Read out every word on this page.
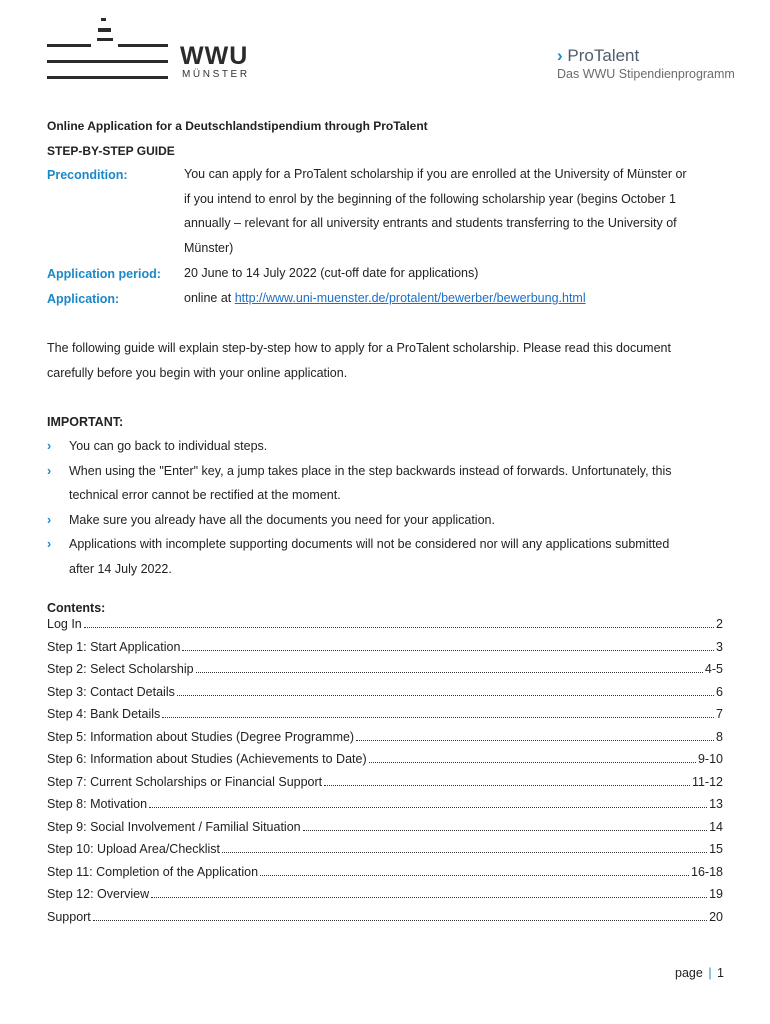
WWU
MÜNSTER
› ProTalent
Das WWU Stipendienprogramm
Online Application for a Deutschlandstipendium through ProTalent
STEP-BY-STEP GUIDE
Precondition:	You can apply for a ProTalent scholarship if you are enrolled at the University of Münster or
if you intend to enrol by the beginning of the following scholarship year (begins October 1
annually – relevant for all university entrants and students transferring to the University of
Münster)
Application period: 20 June to 14 July 2022 (cut-off date for applications)
Application:	online at http://www.uni-muenster.de/protalent/bewerber/bewerbung.html
The following guide will explain step-by-step how to apply for a ProTalent scholarship. Please read this document
carefully before you begin with your online application.
IMPORTANT:
› You can go back to individual steps.
› When using the "Enter" key, a jump takes place in the step backwards instead of forwards. Unfortunately, this
technical error cannot be rectified at the moment.
› Make sure you already have all the documents you need for your application.
› Applications with incomplete supporting documents will not be considered nor will any applications submitted
after 14 July 2022.
Contents:
Log In	2
Step 1: Start Application	3
Step 2: Select Scholarship	4-5
Step 3: Contact Details	6
Step 4: Bank Details	7
Step 5: Information about Studies (Degree Programme)	8
Step 6: Information about Studies (Achievements to Date)	9-10
Step 7: Current Scholarships or Financial Support	11-12
Step 8: Motivation	13
Step 9: Social Involvement / Familial Situation	14
Step 10: Upload Area/Checklist	15
Step 11: Completion of the Application	16-18
Step 12: Overview	19
Support	20
page | 1
